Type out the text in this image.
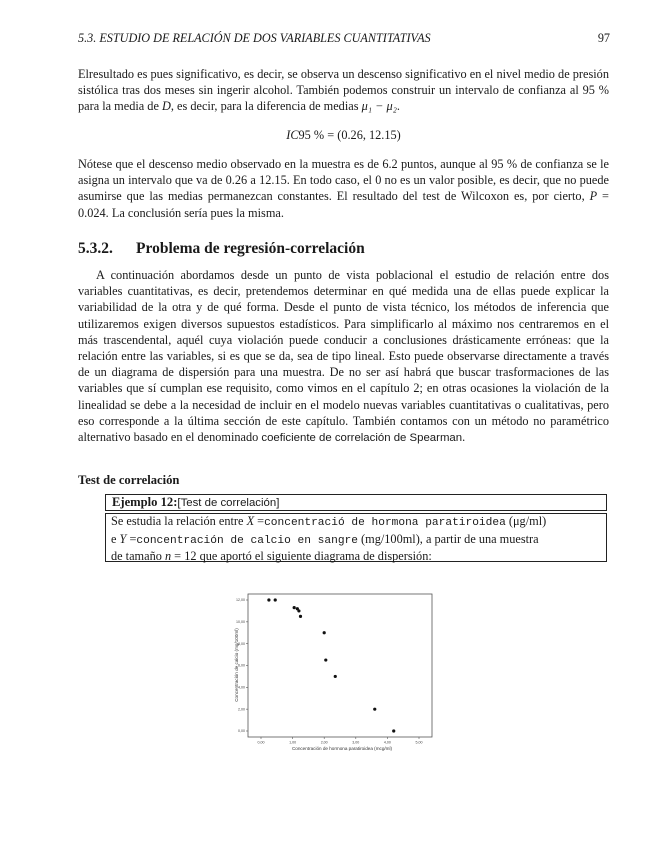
5.3. ESTUDIO DE RELACIÓN DE DOS VARIABLES CUANTITATIVAS	97
Elresultado es pues significativo, es decir, se observa un descenso significativo en el nivel medio de presión sistólica tras dos meses sin ingerir alcohol. También podemos construir un intervalo de confianza al 95 % para la media de D, es decir, para la diferencia de medias μ₁ − μ₂.
IC95 % = (0.26, 12.15)
Nótese que el descenso medio observado en la muestra es de 6.2 puntos, aunque al 95 % de confianza se le asigna un intervalo que va de 0.26 a 12.15. En todo caso, el 0 no es un valor posible, es decir, que no puede asumirse que las medias permanezcan constantes. El resultado del test de Wilcoxon es, por cierto, P = 0.024. La conclusión sería pues la misma.
5.3.2. Problema de regresión-correlación
A continuación abordamos desde un punto de vista poblacional el estudio de relación entre dos variables cuantitativas, es decir, pretendemos determinar en qué medida una de ellas puede explicar la variabilidad de la otra y de qué forma. Desde el punto de vista técnico, los métodos de inferencia que utilizaremos exigen diversos supuestos estadísticos. Para simplificarlo al máximo nos centraremos en el más trascendental, aquél cuya violación puede conducir a conclusiones drásticamente erróneas: que la relación entre las variables, si es que se da, sea de tipo lineal. Esto puede observarse directamente a través de un diagrama de dispersión para una muestra. De no ser así habrá que buscar trasformaciones de las variables que sí cumplan ese requisito, como vimos en el capítulo 2; en otras ocasiones la violación de la linealidad se debe a la necesidad de incluir en el modelo nuevas variables cuantitativas o cualitativas, pero eso corresponde a la última sección de este capítulo. También contamos con un método no paramétrico alternativo basado en el denominado coeficiente de correlación de Spearman.
Test de correlación
Ejemplo 12:[Test de correlación]

Se estudia la relación entre X =concentració de hormona paratiroidea (μg/ml)

e Y =concentración de calcio en sangre (mg/100ml), a partir de una muestra

de tamaño n = 12 que aportó el siguiente diagrama de dispersión:

0,00	1,00	2,00	3,00	4,00	5,00
0,00
2,00
4,00
6,00
8,00
10,00
12,00
Concentración de hormona paratiroidea (mcg/ml)
Concentración de calcio (mg/100ml)
